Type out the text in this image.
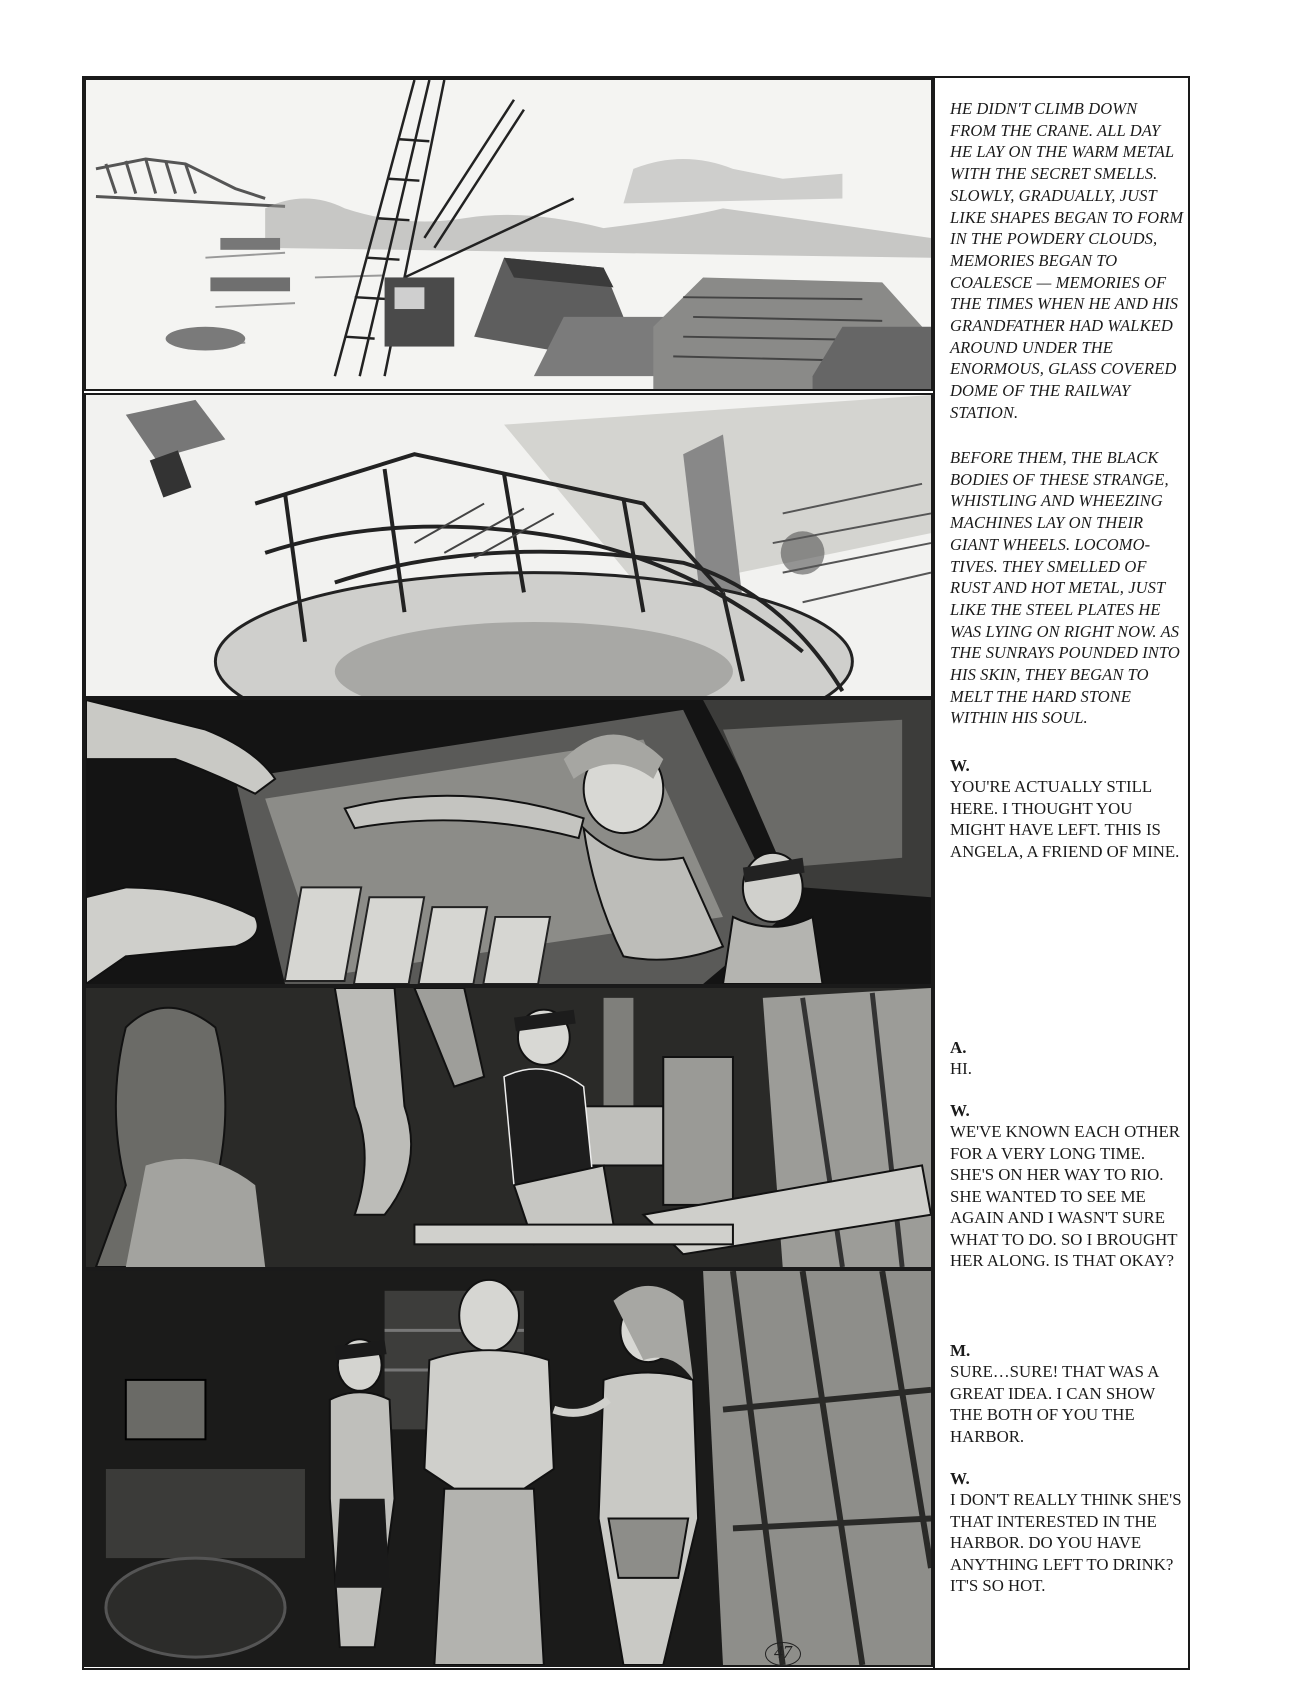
HE DIDN'T CLIMB DOWN FROM THE CRANE. ALL DAY HE LAY ON THE WARM METAL WITH THE SECRET SMELLS. SLOWLY, GRADUALLY, JUST LIKE SHAPES BEGAN TO FORM IN THE POWDERY CLOUDS, MEMORIES BEGAN TO COALESCE — MEMORIES OF THE TIMES WHEN HE AND HIS GRANDFATHER HAD WALKED AROUND UNDER THE ENORMOUS, GLASS COVERED DOME OF THE RAILWAY STATION.

BEFORE THEM, THE BLACK BODIES OF THESE STRANGE, WHISTLING AND WHEEZING MACHINES LAY ON THEIR GIANT WHEELS. LOCOMO-TIVES. THEY SMELLED OF RUST AND HOT METAL, JUST LIKE THE STEEL PLATES HE WAS LYING ON RIGHT NOW. AS THE SUNRAYS POUNDED INTO HIS SKIN, THEY BEGAN TO MELT THE HARD STONE WITHIN HIS SOUL.

W.

YOU'RE ACTUALLY STILL HERE. I THOUGHT YOU MIGHT HAVE LEFT. THIS IS ANGELA, A FRIEND OF MINE.

A.

HI.

W.

WE'VE KNOWN EACH OTHER FOR A VERY LONG TIME. SHE'S ON HER WAY TO RIO. SHE WANTED TO SEE ME AGAIN AND I WASN'T SURE WHAT TO DO. SO I BROUGHT HER ALONG. IS THAT OKAY?

M.

SURE…SURE! THAT WAS A GREAT IDEA. I CAN SHOW THE BOTH OF YOU THE HARBOR.

W.

I DON'T REALLY THINK SHE'S THAT INTERESTED IN THE HARBOR. DO YOU HAVE ANYTHING LEFT TO DRINK? IT'S SO HOT.

47
